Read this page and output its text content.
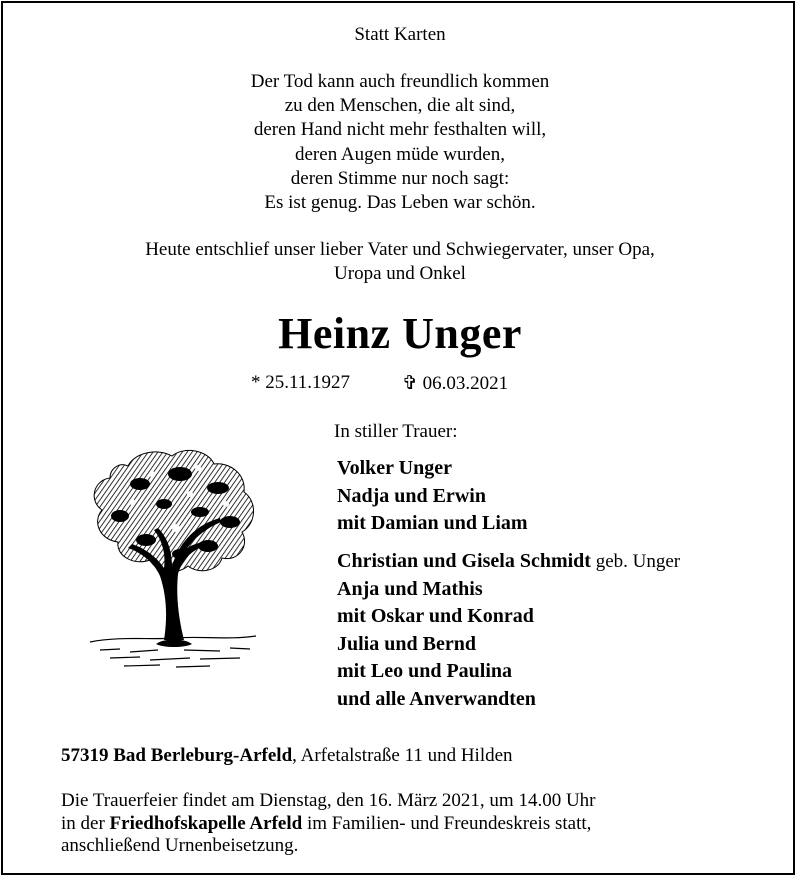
Statt Karten
Der Tod kann auch freundlich kommen
zu den Menschen, die alt sind,
deren Hand nicht mehr festhalten will,
deren Augen müde wurden,
deren Stimme nur noch sagt:
Es ist genug. Das Leben war schön.
Heute entschlief unser lieber Vater und Schwiegervater, unser Opa,
Uropa und Onkel
Heinz Unger
* 25.11.1927	✞ 06.03.2021
In stiller Trauer:
Volker Unger
Nadja und Erwin
mit Damian und Liam
Christian und Gisela Schmidt geb. Unger
Anja und Mathis
mit Oskar und Konrad
Julia und Bernd
mit Leo und Paulina
und alle Anverwandten
57319 Bad Berleburg-Arfeld, Arfetalstraße 11 und Hilden
Die Trauerfeier findet am Dienstag, den 16. März 2021, um 14.00 Uhr
in der Friedhofskapelle Arfeld im Familien- und Freundeskreis statt,
anschließend Urnenbeisetzung.
